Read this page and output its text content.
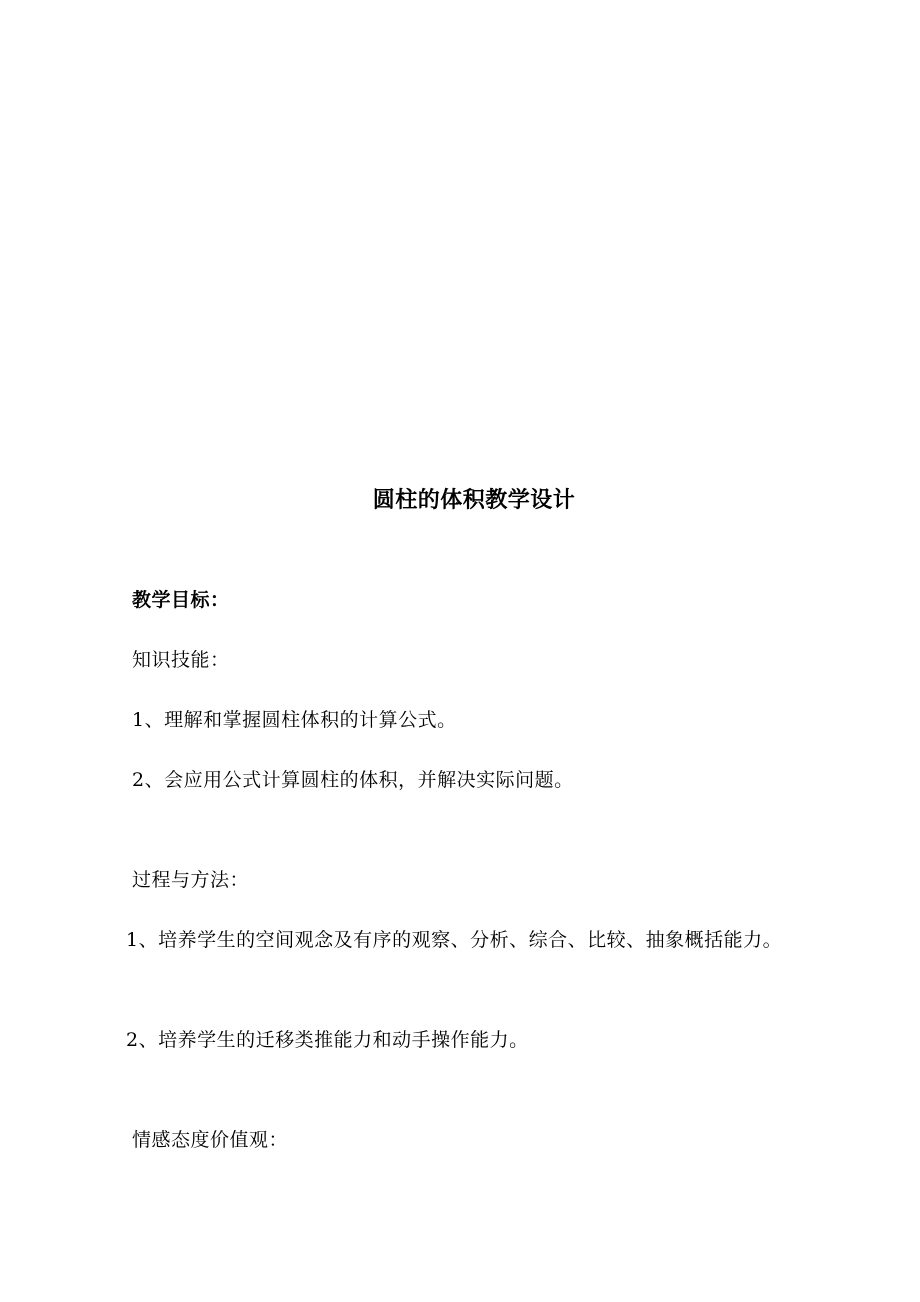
圆柱的体积教学设计
教学目标：
知识技能：
1、理解和掌握圆柱体积的计算公式。
2、会应用公式计算圆柱的体积，并解决实际问题。
过程与方法：
1、培养学生的空间观念及有序的观察、分析、综合、比较、抽象概括能力。
2、培养学生的迁移类推能力和动手操作能力。
情感态度价值观：
